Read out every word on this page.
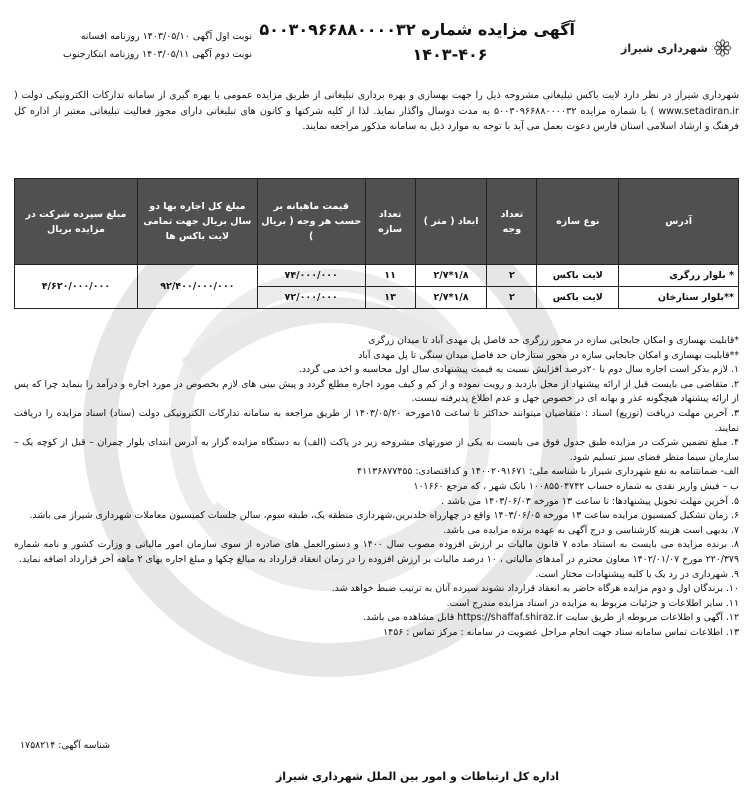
شهرداری شیراز
آگهی مزایده شماره ۵۰۰۳۰۹۶۶۸۸۰۰۰۰۳۲
۱۴۰۳-۴۰۶
نوبت اول آگهی ۱۴۰۳/۰۵/۱۰ روزنامه افسانه
نوبت دوم آگهی ۱۴۰۳/۰۵/۱۱ روزنامه ابتکارجنوب
شهرداری شیراز در نظر دارد لایت باکس تبلیغاتی مشروحه ذیل را جهت بهسازی و بهره برداری تبلیغاتی از طریق مزایده عمومی با بهره گیری از سامانه تدارکات الکترونیکی دولت ( www.setadiran.ir ) با شماره مزایده ۵۰۰۳۰۹۶۶۸۸۰۰۰۰۳۲ به مدت دوسال واگذار نماید. لذا از کلیه شرکتها و کانون های تبلیغاتی دارای مجوز فعالیت تبلیغاتی معتبر از اداره کل فرهنگ و ارشاد اسلامی استان فارس دعوت بعمل می آید با توجه به موارد ذیل به سامانه مذکور مراجعه نمایند.
آدرس	نوع سازه	تعداد وجه	ابعاد ( متر )	تعداد سازه	قیمت ماهیانه بر حسب هر وجه ( بریال )	مبلغ کل اجاره بها دو سال بریال جهت تمامی لایت باکس ها	مبلغ سپرده شرکت در مزایده بریال
* بلوار زرگری	لایت باکس	۲	۱/۸*۲/۷	۱۱	۷۴/۰۰۰/۰۰۰	۹۲/۴۰۰/۰۰۰/۰۰۰	۴/۶۲۰/۰۰۰/۰۰۰
**بلوار ستارخان	لایت باکس	۲	۱/۸*۲/۷	۱۳	۷۲/۰۰۰/۰۰۰		

*قابلیت بهسازی و امکان جابجایی سازه در محور زرگری حد فاصل پل مهدی آباد تا میدان زرگری

**قابلیت بهسازی و امکان جابجایی سازه در محور ستارخان حد فاصل میدان سنگی تا پل مهدی آباد

۱. لازم بذکر است اجاره سال دوم با ۲۰درصد افزایش نسبت به قیمت پیشنهادی سال اول محاسبه و اخذ می گردد.

۲. متقاضی می بایست قبل از ارائه پیشنهاد از محل بازدید و رویت نموده و از کم و کیف مورد اجاره مطلع گردد و پیش بینی های لازم بخصوص در مورد اجاره و درآمد را بنماید چرا که پس از ارائه پیشنهاد هیچگونه عذر و بهانه ای در خصوص جهل و عدم اطلاع پذیرفته نیست.

۳. آخرین مهلت دریافت (توزیع) اسناد : متقاضیان میتوانند حداکثر تا ساعت ۱۵مورخه ۱۴۰۳/۰۵/۲۰ از طریق مراجعه به سامانه تدارکات الکترونیکی دولت (ستاد) اسناد مزایده را دریافت نمایند.

۴. مبلغ تضمین شرکت در مزایده طبق جدول فوق می بایست به یکی از صورتهای مشروحه زیر در پاکت (الف) به دستگاه مزایده گزار به آدرس ابتدای بلوار چمران – قبل از کوچه یک – سازمان سیما منظر فضای سبز تسلیم شود.

الف- ضمانتنامه به نفع شهرداری شیراز با شناسه ملی: ۱۴۰۰۲۰۹۱۶۷۱ و کداقتصادی: ۴۱۱۳۶۸۷۷۴۵۵

ب – فیش واریز نقدی به شماره حساب ۱۰۰۸۵۵۰۴۷۴۲ بانک شهر ، که مرجع ۱۰۱۶۶۰

۵. آخرین مهلت تحویل پیشنهادها: تا ساعت ۱۳ مورخه ۱۴۰۳/۰۶/۰۳ می باشد .

۶. زمان تشکیل کمیسیون مزایده ساعت ۱۳ مورخه ۱۴۰۳/۰۶/۰۵ واقع در چهارراه خلدبرین،شهرداری منطقه یک، طبقه سوم، سالن جلسات کمیسیون معاملات شهرداری شیراز می باشد.

۷. بدیهی است هزینه کارشناسی و درج آگهی به عهده برنده مزایده می باشد.

۸. برنده مزایده می بایست به استناد ماده ۷ قانون مالیات بر ارزش افزوده مصوب سال ۱۴۰۰ و دستورالعمل های صادره از سوی سازمان امور مالیاتی و وزارت کشور و نامه شماره ۲۲۰/۳۷۹ مورخ ۱۴۰۲/۰۱/۰۷ معاون محترم در آمدهای مالیاتی ، ۱۰ درصد مالیات بر ارزش افزوده را در زمان انعقاد قرارداد به مبالغ چکها و مبلغ اجاره بهای ۲ ماهه آخر قرارداد اضافه نماید.

۹. شهرداری در رد یک یا کلیه پیشنهادات مختار است.

۱۰. برندگان اول و دوم مزایده هرگاه حاضر به انعقاد قرارداد نشوند سپرده آنان به ترتیب ضبط خواهد شد.

۱۱. سایر اطلاعات و جزئیات مربوط به مزایده در اسناد مزایده مندرج است.

۱۲. آگهی و اطلاعات مربوطه از طریق سایت https://shaffaf.shiraz.ir قابل مشاهده می باشد.

۱۳. اطلاعات تماس سامانه ستاد جهت انجام مراحل عضویت در سامانه : مرکز تماس : ۱۴۵۶

شناسه آگهی: ۱۷۵۸۲۱۴
اداره کل ارتباطات و امور بین الملل شهرداری شیراز
